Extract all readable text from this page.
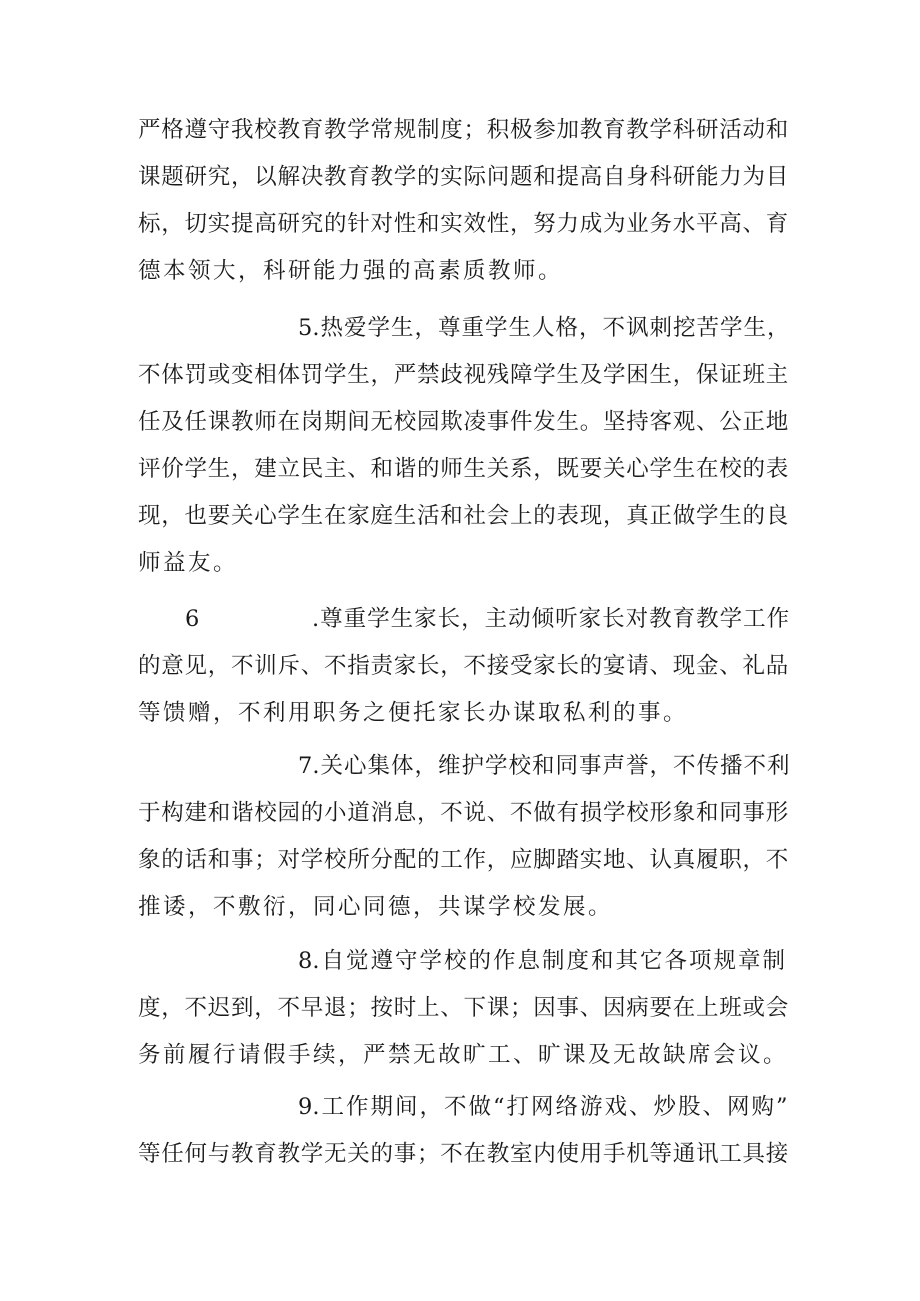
严格遵守我校教育教学常规制度；积极参加教育教学科研活动和
课题研究，以解决教育教学的实际问题和提高自身科研能力为目
标，切实提高研究的针对性和实效性，努力成为业务水平高、育
德本领大，科研能力强的高素质教师。
5.热爱学生，尊重学生人格，不讽刺挖苦学生，
不体罚或变相体罚学生，严禁歧视残障学生及学困生，保证班主
任及任课教师在岗期间无校园欺凌事件发生。坚持客观、公正地
评价学生，建立民主、和谐的师生关系，既要关心学生在校的表
现，也要关心学生在家庭生活和社会上的表现，真正做学生的良
师益友。
6	.尊重学生家长，主动倾听家长对教育教学工作
的意见，不训斥、不指责家长，不接受家长的宴请、现金、礼品
等馈赠，不利用职务之便托家长办谋取私利的事。
7.关心集体，维护学校和同事声誉，不传播不利
于构建和谐校园的小道消息，不说、不做有损学校形象和同事形
象的话和事；对学校所分配的工作，应脚踏实地、认真履职，不
推诿，不敷衍，同心同德，共谋学校发展。
8.自觉遵守学校的作息制度和其它各项规章制
度，不迟到，不早退；按时上、下课；因事、因病要在上班或会
务前履行请假手续，严禁无故旷工、旷课及无故缺席会议。
9.工作期间，不做“打网络游戏、炒股、网购”
等任何与教育教学无关的事；不在教室内使用手机等通讯工具接
